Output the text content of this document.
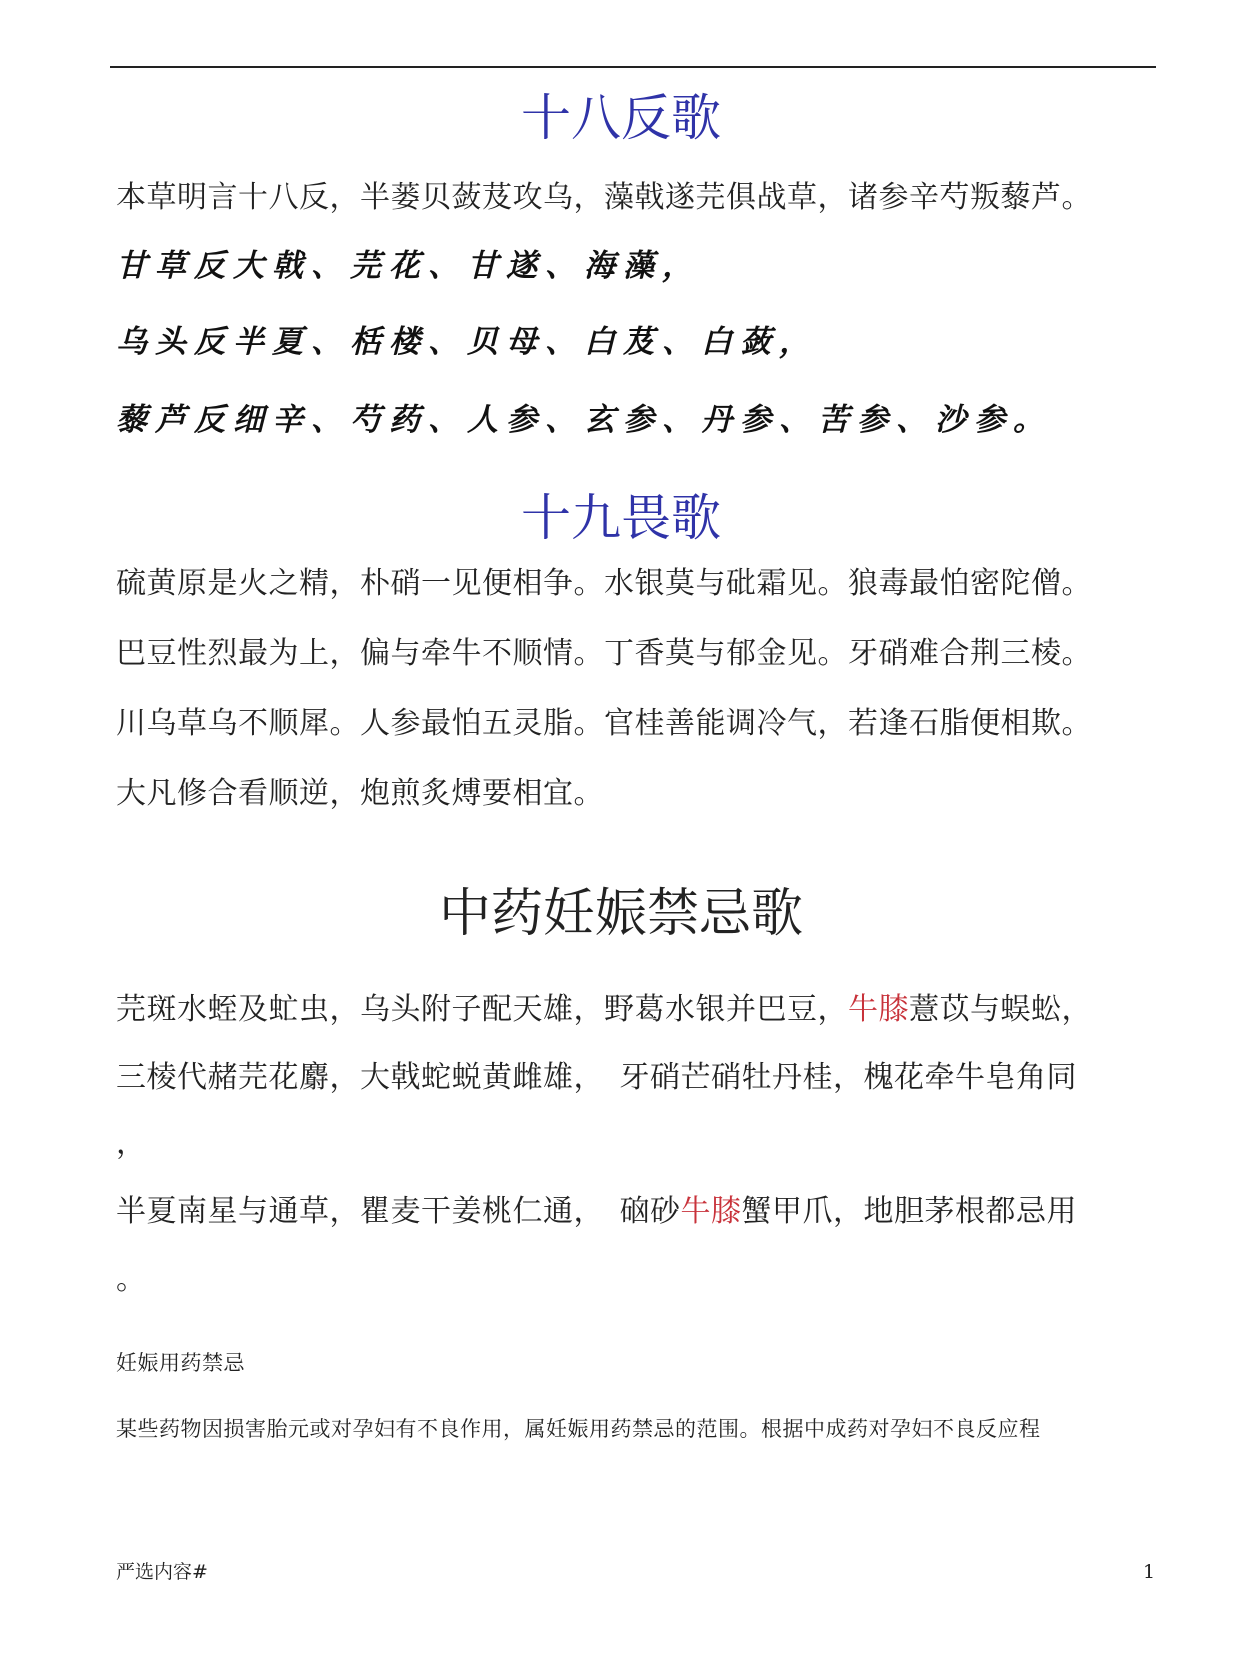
十八反歌
本草明言十八反，半蒌贝蔹芨攻乌，藻戟遂芫俱战草，诸参辛芍叛藜芦。
甘草反大戟、芫花、甘遂、海藻，
乌头反半夏、栝楼、贝母、白芨、白蔹，
藜芦反细辛、芍药、人参、玄参、丹参、苦参、沙参。
十九畏歌
硫黄原是火之精，朴硝一见便相争。水银莫与砒霜见。狼毒最怕密陀僧。
巴豆性烈最为上，偏与牵牛不顺情。丁香莫与郁金见。牙硝难合荆三棱。
川乌草乌不顺犀。人参最怕五灵脂。官桂善能调冷气，若逢石脂便相欺。
大凡修合看顺逆，炮煎炙煿要相宜。
中药妊娠禁忌歌
芫斑水蛭及虻虫，乌头附子配天雄，野葛水银并巴豆，牛膝薏苡与蜈蚣，
三棱代赭芫花麝，大戟蛇蜕黄雌雄，　牙硝芒硝牡丹桂，槐花牵牛皂角同
，
半夏南星与通草，瞿麦干姜桃仁通，　硇砂牛膝蟹甲爪，地胆茅根都忌用
。
妊娠用药禁忌
某些药物因损害胎元或对孕妇有不良作用，属妊娠用药禁忌的范围。根据中成药对孕妇不良反应程
严选内容#	1
